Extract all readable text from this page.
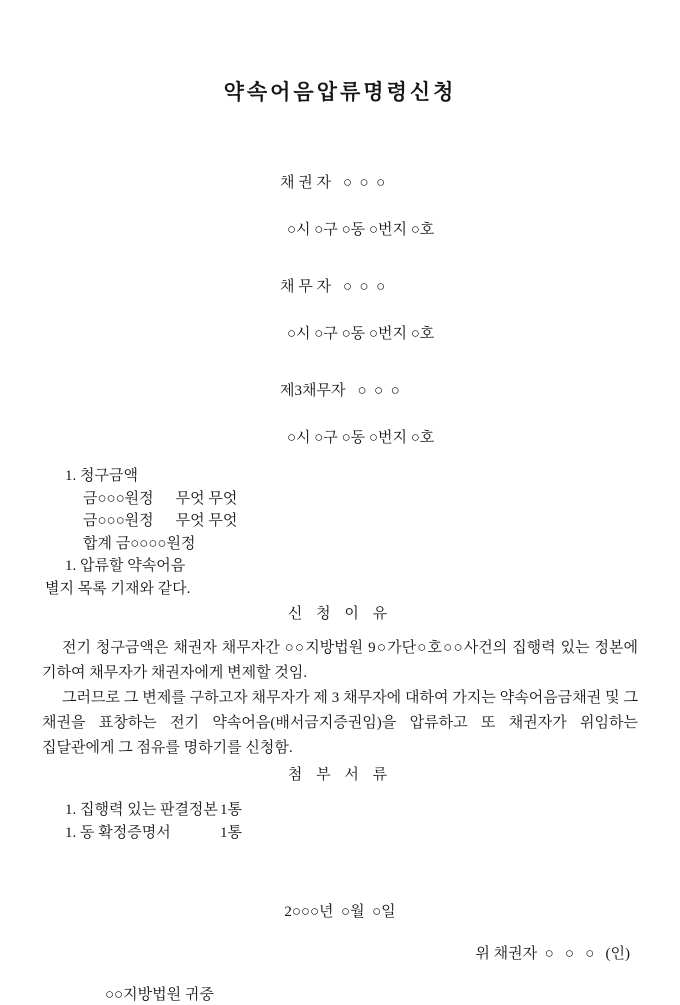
약속어음압류명령신청

채 권 자 ○  ○  ○

○시 ○구 ○동 ○번지 ○호

채 무 자 ○  ○  ○

○시 ○구 ○동 ○번지 ○호

제3채무자 ○  ○  ○

○시 ○구 ○동 ○번지 ○호
1. 청구금액
금○○○원정 무엇 무엇
금○○○원정 무엇 무엇
합계 금○○○○원정
1. 압류할 약속어음
별지 목록 기재와 같다.
신 청 이 유

전기 청구금액은 채권자 채무자간 ○○지방법원 9○가단○호○○사건의 집행력 있는 정본에 기하여 채무자가 채권자에게 변제할 것임.

그러므로 그 변제를 구하고자 채무자가 제 3 채무자에 대하여 가지는 약속어음금채권 및 그 채권을 표창하는 전기 약속어음(배서금지증권임)을 압류하고 또 채권자가 위임하는 집달관에게 그 점유를 명하기를 신청함.

첨 부 서 류
1. 집행력 있는 판결정본 1통
1. 동 확정증명서	1통
2○○○년  ○월  ○일
위 채권자  ○   ○   ○   (인)
○○지방법원 귀중
